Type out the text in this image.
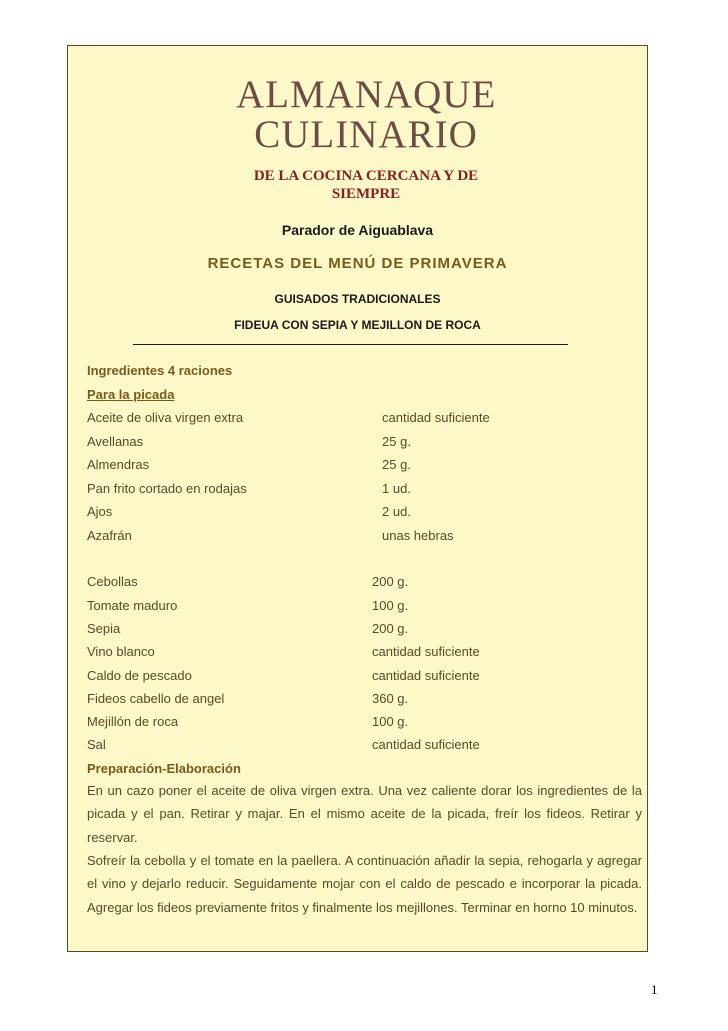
ALMANAQUE
CULINARIO
DE LA COCINA CERCANA Y DE SIEMPRE
Parador de Aiguablava
RECETAS DEL MENÚ DE PRIMAVERA
GUISADOS TRADICIONALES
FIDEUA CON SEPIA Y MEJILLON DE ROCA
Ingredientes 4 raciones
Para la picada
Aceite de oliva virgen extra	cantidad suficiente
Avellanas	25 g.
Almendras	25 g.
Pan frito cortado en rodajas	1 ud.
Ajos	2 ud.
Azafrán	unas hebras
Cebollas	200 g.
Tomate maduro	100 g.
Sepia	200 g.
Vino blanco	cantidad suficiente
Caldo de pescado	cantidad suficiente
Fideos cabello de angel	360 g.
Mejillón de roca	100 g.
Sal	cantidad suficiente
Preparación-Elaboración
En un cazo poner el aceite de oliva virgen extra. Una vez caliente dorar los ingredientes de la picada y el pan. Retirar y majar. En el mismo aceite de la picada, freír los fideos. Retirar y reservar.
Sofreír la cebolla y el tomate en la paellera. A continuación añadir la sepia, rehogarla y agregar el vino y dejarlo reducir. Seguidamente mojar con el caldo de pescado e incorporar la picada. Agregar los fideos previamente fritos y finalmente los mejillones. Terminar en horno 10 minutos.
1
